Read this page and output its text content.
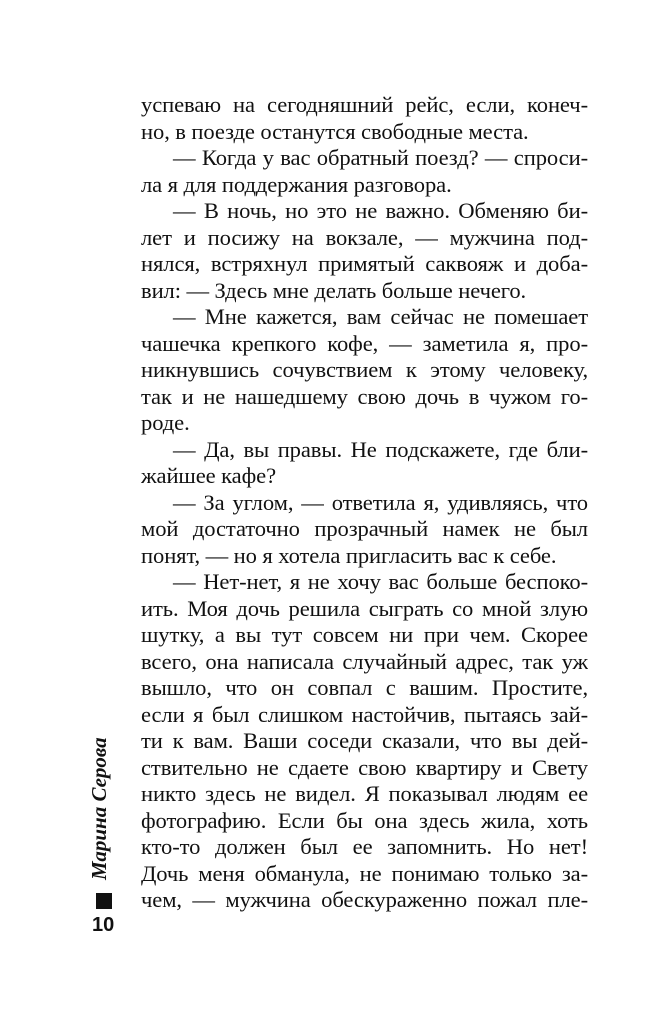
успеваю на сегодняшний рейс, если, конеч-
но, в поезде останутся свободные места.
— Когда у вас обратный поезд? — спроси-
ла я для поддержания разговора.
— В ночь, но это не важно. Обменяю би-
лет и посижу на вокзале, — мужчина под-
нялся, встряхнул примятый саквояж и доба-
вил: — Здесь мне делать больше нечего.
— Мне кажется, вам сейчас не помешает
чашечка крепкого кофе, — заметила я, про-
никнувшись сочувствием к этому человеку,
так и не нашедшему свою дочь в чужом го-
роде.
— Да, вы правы. Не подскажете, где бли-
жайшее кафе?
— За углом, — ответила я, удивляясь, что
мой достаточно прозрачный намек не был
понят, — но я хотела пригласить вас к себе.
— Нет-нет, я не хочу вас больше беспоко-
ить. Моя дочь решила сыграть со мной злую
шутку, а вы тут совсем ни при чем. Скорее
всего, она написала случайный адрес, так уж
вышло, что он совпал с вашим. Простите,
если я был слишком настойчив, пытаясь зай-
ти к вам. Ваши соседи сказали, что вы дей-
ствительно не сдаете свою квартиру и Свету
никто здесь не видел. Я показывал людям ее
фотографию. Если бы она здесь жила, хоть
кто-то должен был ее запомнить. Но нет!
Дочь меня обманула, не понимаю только за-
чем, — мужчина обескураженно пожал пле-
Марина Серова
10
